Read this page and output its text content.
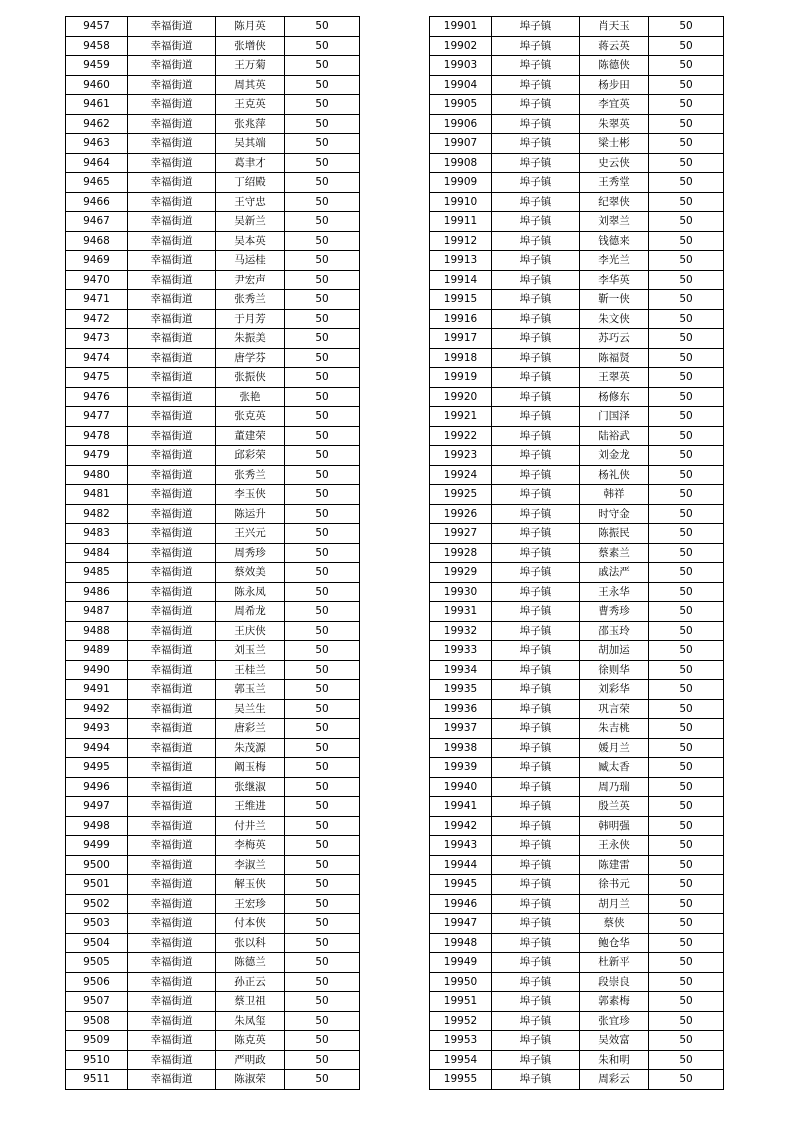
9457	幸福街道	陈月英	50
9458	幸福街道	张增侠	50
9459	幸福街道	王万菊	50
9460	幸福街道	周其英	50
9461	幸福街道	王克英	50
9462	幸福街道	张兆萍	50
9463	幸福街道	吴其端	50
9464	幸福街道	葛聿才	50
9465	幸福街道	丁绍殿	50
9466	幸福街道	王守忠	50
9467	幸福街道	吴新兰	50
9468	幸福街道	吴本英	50
9469	幸福街道	马运桂	50
9470	幸福街道	尹宏声	50
9471	幸福街道	张秀兰	50
9472	幸福街道	于月芳	50
9473	幸福街道	朱振美	50
9474	幸福街道	唐学芬	50
9475	幸福街道	张振侠	50
9476	幸福街道	张艳	50
9477	幸福街道	张克英	50
9478	幸福街道	董建荣	50
9479	幸福街道	邱彩荣	50
9480	幸福街道	张秀兰	50
9481	幸福街道	李玉侠	50
9482	幸福街道	陈运升	50
9483	幸福街道	王兴元	50
9484	幸福街道	周秀珍	50
9485	幸福街道	蔡效美	50
9486	幸福街道	陈永凤	50
9487	幸福街道	周希龙	50
9488	幸福街道	王庆侠	50
9489	幸福街道	刘玉兰	50
9490	幸福街道	王桂兰	50
9491	幸福街道	郭玉兰	50
9492	幸福街道	吴兰生	50
9493	幸福街道	唐彩兰	50
9494	幸福街道	朱茂源	50
9495	幸福街道	阚玉梅	50
9496	幸福街道	张继淑	50
9497	幸福街道	王维进	50
9498	幸福街道	付井兰	50
9499	幸福街道	李梅英	50
9500	幸福街道	李淑兰	50
9501	幸福街道	解玉侠	50
9502	幸福街道	王宏珍	50
9503	幸福街道	付本侠	50
9504	幸福街道	张以科	50
9505	幸福街道	陈德兰	50
9506	幸福街道	孙正云	50
9507	幸福街道	蔡卫祖	50
9508	幸福街道	朱凤玺	50
9509	幸福街道	陈克英	50
9510	幸福街道	严明政	50
9511	幸福街道	陈淑荣	50
19901	埠子镇	肖天玉	50
19902	埠子镇	蒋云英	50
19903	埠子镇	陈德侠	50
19904	埠子镇	杨步田	50
19905	埠子镇	李宜英	50
19906	埠子镇	朱翠英	50
19907	埠子镇	梁士彬	50
19908	埠子镇	史云侠	50
19909	埠子镇	王秀堂	50
19910	埠子镇	纪翠侠	50
19911	埠子镇	刘翠兰	50
19912	埠子镇	钱德来	50
19913	埠子镇	李光兰	50
19914	埠子镇	李华英	50
19915	埠子镇	靳一侠	50
19916	埠子镇	朱文侠	50
19917	埠子镇	苏巧云	50
19918	埠子镇	陈福贤	50
19919	埠子镇	王翠英	50
19920	埠子镇	杨修东	50
19921	埠子镇	门国泽	50
19922	埠子镇	陆裕武	50
19923	埠子镇	刘金龙	50
19924	埠子镇	杨礼侠	50
19925	埠子镇	韩祥	50
19926	埠子镇	时守金	50
19927	埠子镇	陈振民	50
19928	埠子镇	蔡素兰	50
19929	埠子镇	戚法严	50
19930	埠子镇	王永华	50
19931	埠子镇	曹秀珍	50
19932	埠子镇	邵玉玲	50
19933	埠子镇	胡加运	50
19934	埠子镇	徐则华	50
19935	埠子镇	刘彩华	50
19936	埠子镇	巩言荣	50
19937	埠子镇	朱吉桃	50
19938	埠子镇	媛月兰	50
19939	埠子镇	臧太香	50
19940	埠子镇	周乃瑞	50
19941	埠子镇	殷兰英	50
19942	埠子镇	韩明强	50
19943	埠子镇	王永侠	50
19944	埠子镇	陈建雷	50
19945	埠子镇	徐书元	50
19946	埠子镇	胡月兰	50
19947	埠子镇	蔡侠	50
19948	埠子镇	鲍仓华	50
19949	埠子镇	杜新平	50
19950	埠子镇	段崇良	50
19951	埠子镇	郭素梅	50
19952	埠子镇	张宜珍	50
19953	埠子镇	吴效富	50
19954	埠子镇	朱和明	50
19955	埠子镇	周彩云	50
